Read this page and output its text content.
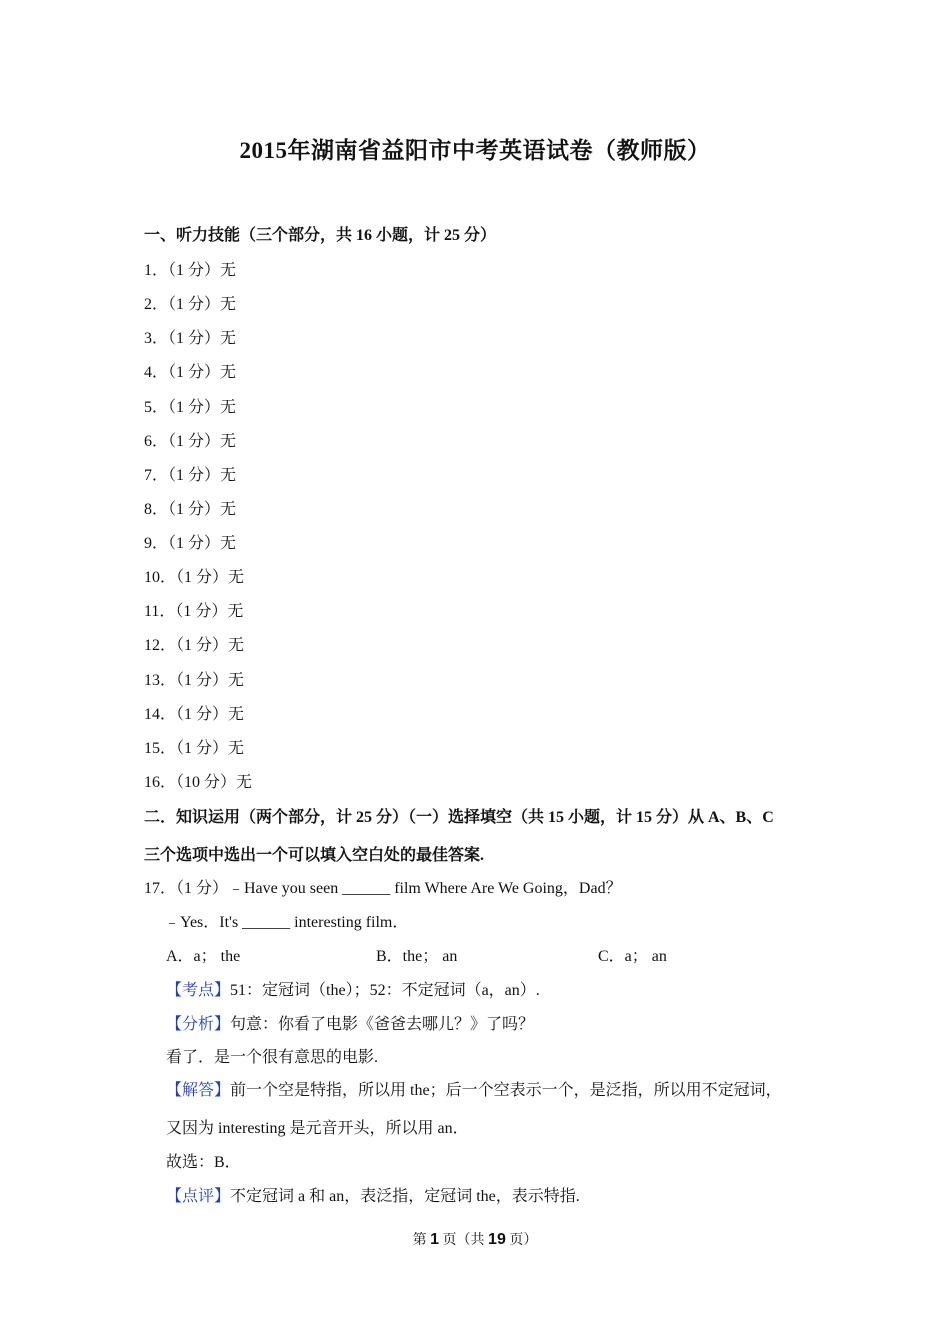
2015年湖南省益阳市中考英语试卷（教师版）
一、听力技能（三个部分，共 16 小题，计 25 分）
1．（1 分）无
2．（1 分）无
3．（1 分）无
4．（1 分）无
5．（1 分）无
6．（1 分）无
7．（1 分）无
8．（1 分）无
9．（1 分）无
10．（1 分）无
11．（1 分）无
12．（1 分）无
13．（1 分）无
14．（1 分）无
15．（1 分）无
16．（10 分）无
二．知识运用（两个部分，计 25 分）（一）选择填空（共 15 小题，计 15 分）从 A、B、C
三个选项中选出一个可以填入空白处的最佳答案.
17．（1 分）﹣Have you seen ______ film Where Are We Going，Dad？
﹣Yes．It's ______ interesting film．
A．a； the	B．the； an	C．a； an
【考点】51：定冠词（the）；52：不定冠词（a，an）.
【分析】句意：你看了电影《爸爸去哪儿？》了吗？
看了．是一个很有意思的电影.
【解答】前一个空是特指，所以用 the；后一个空表示一个，是泛指，所以用不定冠词，
又因为 interesting 是元音开头，所以用 an．
故选：B．
【点评】不定冠词 a 和 an，表泛指，定冠词 the，表示特指.
第 1 页（共 19 页）
